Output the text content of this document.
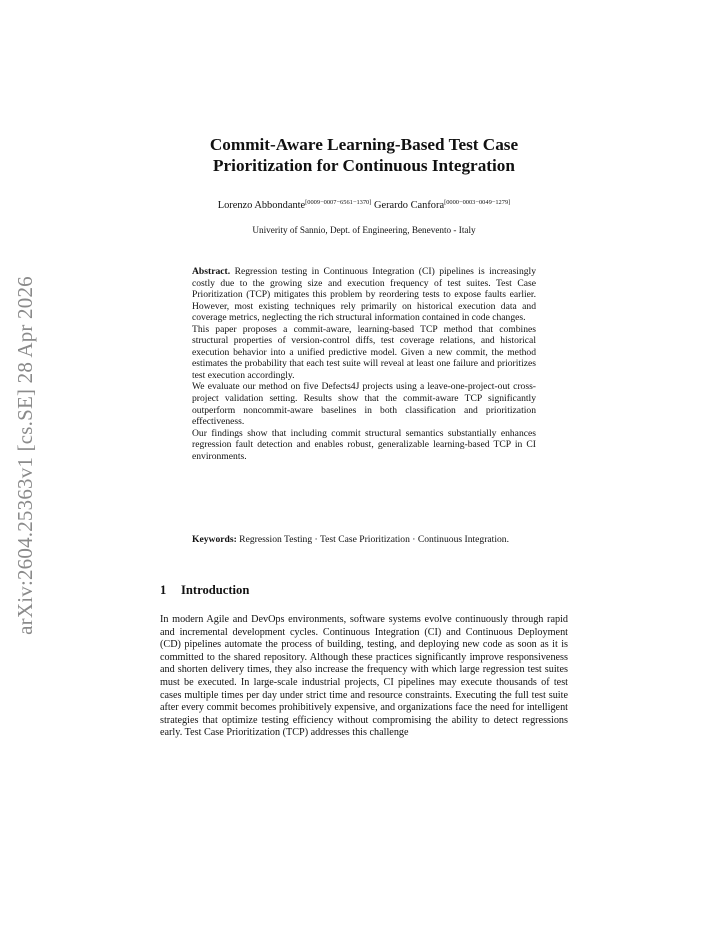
arXiv:2604.25363v1 [cs.SE] 28 Apr 2026
Commit-Aware Learning-Based Test Case
Prioritization for Continuous Integration
Lorenzo Abbondante[0009−0007−6561−1370] Gerardo Canfora[0000−0003−0049−1279]
Univerity of Sannio, Dept. of Engineering, Benevento - Italy

Abstract. Regression testing in Continuous Integration (CI) pipelines is increasingly costly due to the growing size and execution frequency of test suites. Test Case Prioritization (TCP) mitigates this problem by reordering tests to expose faults earlier. However, most existing techniques rely primarily on historical execution data and coverage metrics, neglecting the rich structural information contained in code changes.

This paper proposes a commit-aware, learning-based TCP method that combines structural properties of version-control diffs, test coverage relations, and historical execution behavior into a unified predictive model. Given a new commit, the method estimates the probability that each test suite will reveal at least one failure and prioritizes test execution accordingly.

We evaluate our method on five Defects4J projects using a leave-one-project-out cross-project validation setting. Results show that the commit-aware TCP significantly outperform noncommit-aware baselines in both classification and prioritization effectiveness.

Our findings show that including commit structural semantics substantially enhances regression fault detection and enables robust, generalizable learning-based TCP in CI environments.

Keywords: Regression Testing · Test Case Prioritization · Continuous Integration.
1 Introduction

In modern Agile and DevOps environments, software systems evolve continuously through rapid and incremental development cycles. Continuous Integration (CI) and Continuous Deployment (CD) pipelines automate the process of building, testing, and deploying new code as soon as it is committed to the shared repository. Although these practices significantly improve responsiveness and shorten delivery times, they also increase the frequency with which large regression test suites must be executed. In large-scale industrial projects, CI pipelines may execute thousands of test cases multiple times per day under strict time and resource constraints. Executing the full test suite after every commit becomes prohibitively expensive, and organizations face the need for intelligent strategies that optimize testing efficiency without compromising the ability to detect regressions early. Test Case Prioritization (TCP) addresses this challenge
